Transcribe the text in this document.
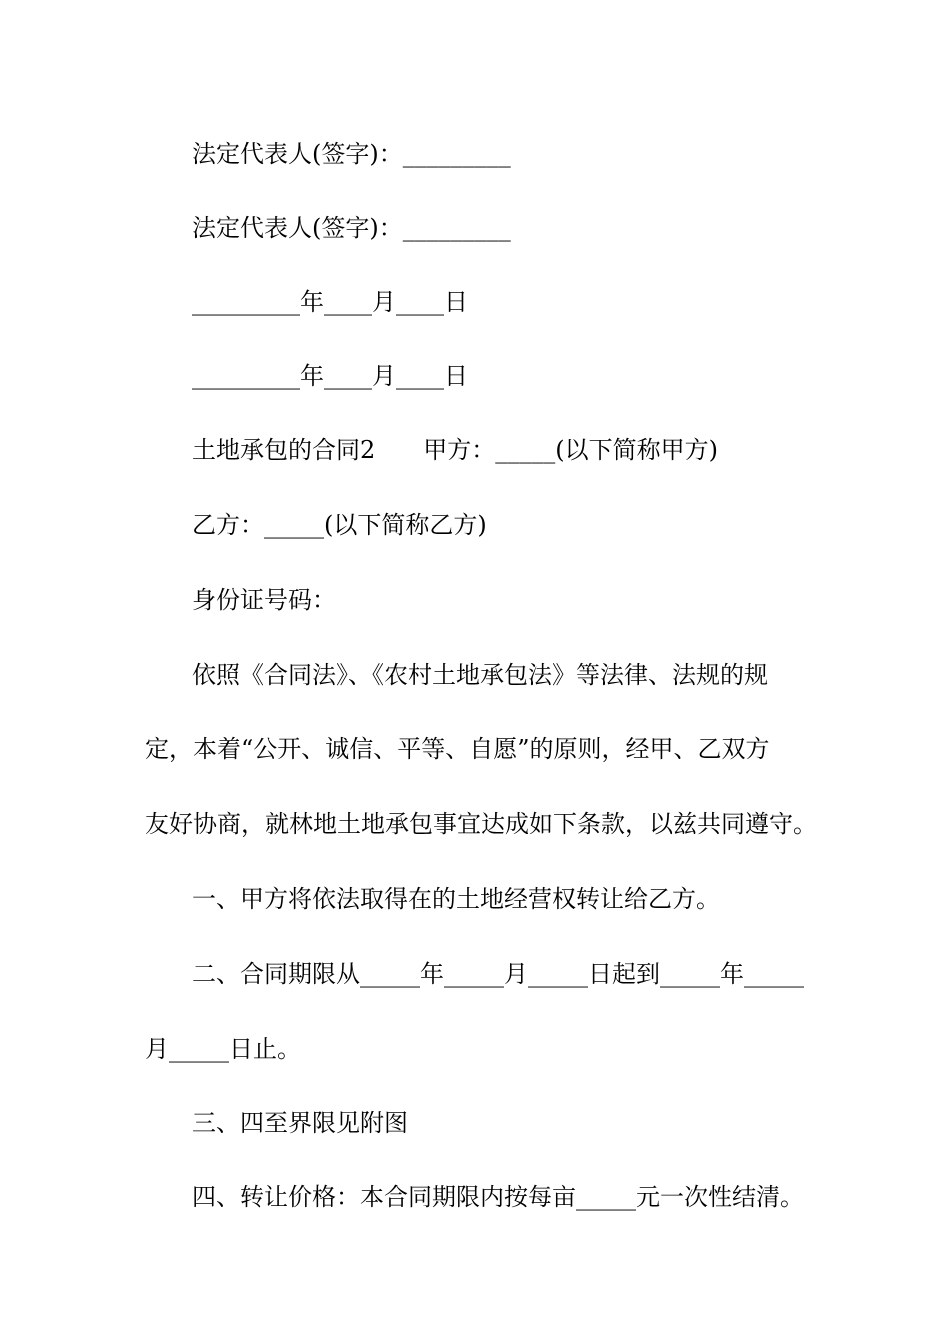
法定代表人(签字)：_________
法定代表人(签字)：_________
_________年____月____日
_________年____月____日
土地承包的合同2　　甲方：_____(以下简称甲方)
乙方：_____(以下简称乙方)
身份证号码：
依照《合同法》、《农村土地承包法》等法律、法规的规
定，本着“公开、诚信、平等、自愿”的原则，经甲、乙双方
友好协商，就林地土地承包事宜达成如下条款，以兹共同遵守。
一、甲方将依法取得在的土地经营权转让给乙方。
二、合同期限从_____年_____月_____日起到_____年_____
月_____日止。
三、四至界限见附图
四、转让价格：本合同期限内按每亩_____元一次性结清。
